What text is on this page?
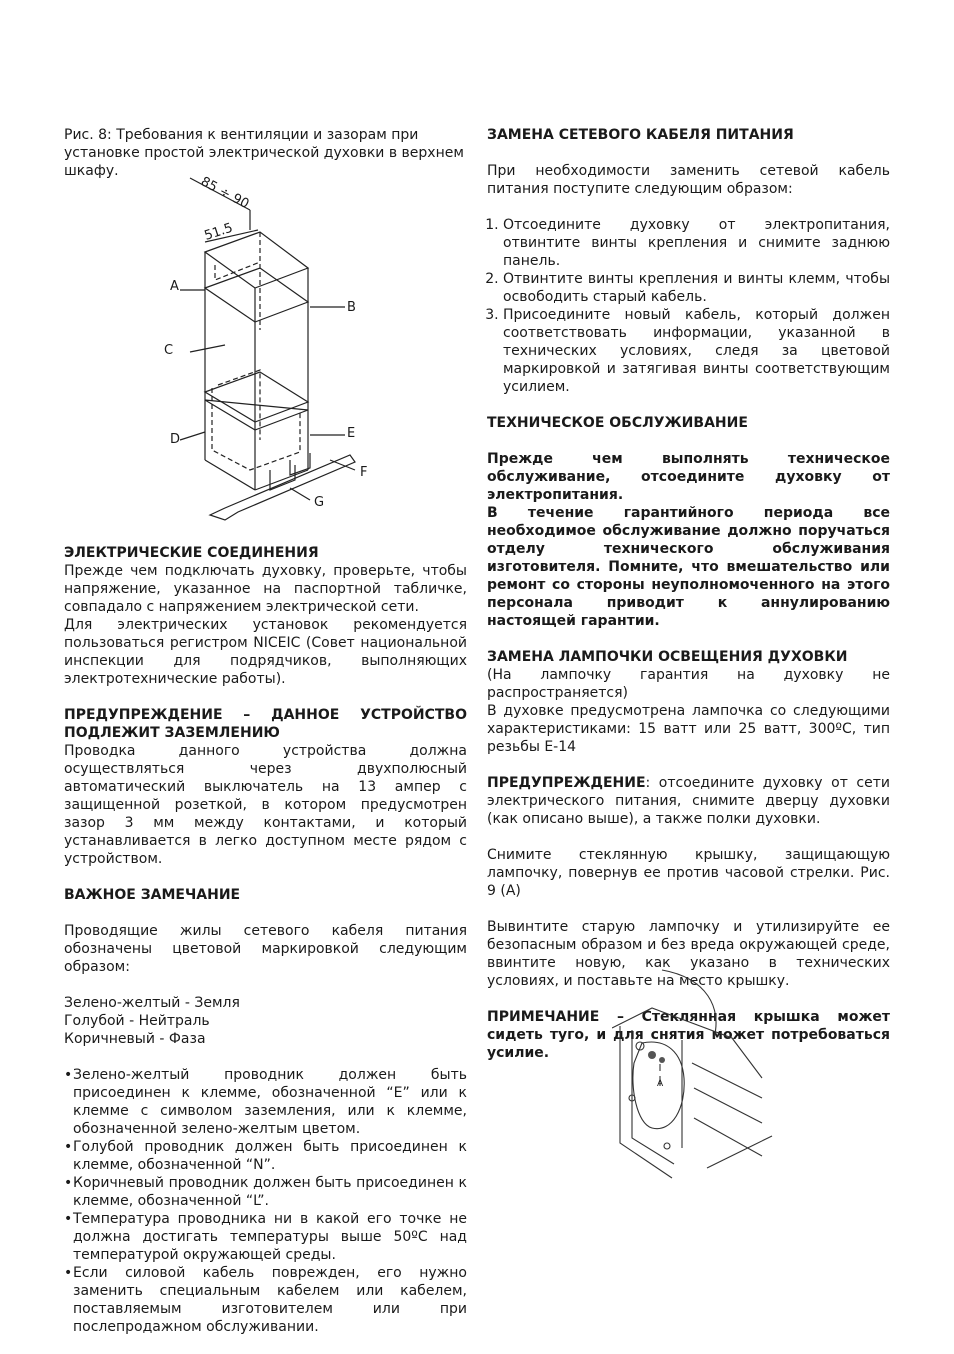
Рис. 8: Требования к вентиляции и зазорам при установке простой электрической духовки в верхнем шкафу.

85 ÷ 90
51.5
A
B
C
D	E
F
G

ЭЛЕКТРИЧЕСКИЕ СОЕДИНЕНИЯ

Прежде чем подключать духовку, проверьте, чтобы напряжение, указанное на паспортной табличке, совпадало с напряжением электрической сети.

Для электрических установок рекомендуется пользоваться регистром NICEIC (Совет национальной инспекции для подрядчиков, выполняющих электротехнические работы).

ПРЕДУПРЕЖДЕНИЕ – ДАННОЕ УСТРОЙСТВО ПОДЛЕЖИТ ЗАЗЕМЛЕНИЮ

Проводка данного устройства должна осуществляться через двухполюсный автоматический выключатель на 13 ампер с защищенной розеткой, в котором предусмотрен зазор 3 мм между контактами, и который устанавливается в легко доступном месте рядом с устройством.

ВАЖНОЕ ЗАМЕЧАНИЕ

Проводящие жилы сетевого кабеля питания обозначены цветовой маркировкой следующим образом:

Зелено-желтый - Земля

Голубой - Нейтраль

Коричневый - Фаза

• Зелено-желтый проводник должен быть присоединен к клемме, обозначенной “E” или к клемме с символом заземления, или к клемме, обозначенной зелено-желтым цветом.
• Голубой проводник должен быть присоединен к клемме, обозначенной “N”.
• Коричневый проводник должен быть присоединен к клемме, обозначенной “L”.
• Температура проводника ни в какой его точке не должна достигать температуры выше 50ºC над температурой окружающей среды.
• Если силовой кабель поврежден, его нужно заменить специальным кабелем или кабелем, поставляемым изготовителем или при послепродажном обслуживании.

ЗАМЕНА СЕТЕВОГО КАБЕЛЯ ПИТАНИЯ

При необходимости заменить сетевой кабель питания поступите следующим образом:

1. Отсоедините духовку от электропитания, отвинтите винты крепления и снимите заднюю панель.
2. Отвинтите винты крепления и винты клемм, чтобы освободить старый кабель.
3. Присоедините новый кабель, который должен соответствовать информации, указанной в технических условиях, следя за цветовой маркировкой и затягивая винты соответствующим усилием.

ТЕХНИЧЕСКОЕ ОБСЛУЖИВАНИЕ

Прежде чем выполнять техническое обслуживание, отсоедините духовку от электропитания.

В течение гарантийного периода все необходимое обслуживание должно поручаться отделу технического обслуживания изготовителя. Помните, что вмешательство или ремонт со стороны неуполномоченного на этого персонала приводит к аннулированию настоящей гарантии.

ЗАМЕНА ЛАМПОЧКИ ОСВЕЩЕНИЯ ДУХОВКИ

(На лампочку гарантия на духовку не распространяется)

В духовке предусмотрена лампочка со следующими характеристиками: 15 ватт или 25 ватт, 300ºC, тип резьбы E-14

ПРЕДУПРЕЖДЕНИЕ: отсоедините духовку от сети электрического питания, снимите дверцу духовки (как описано выше), а также полки духовки.

Снимите стеклянную крышку, защищающую лампочку, повернув ее против часовой стрелки. Рис. 9 (A)

Вывинтите старую лампочку и утилизируйте ее безопасным образом и без вреда окружающей среде, ввинтите новую, как указано в технических условиях, и поставьте на место крышку.

ПРИМЕЧАНИЕ – Стеклянная крышка может сидеть туго, и для снятия может потребоваться усилие.

A
